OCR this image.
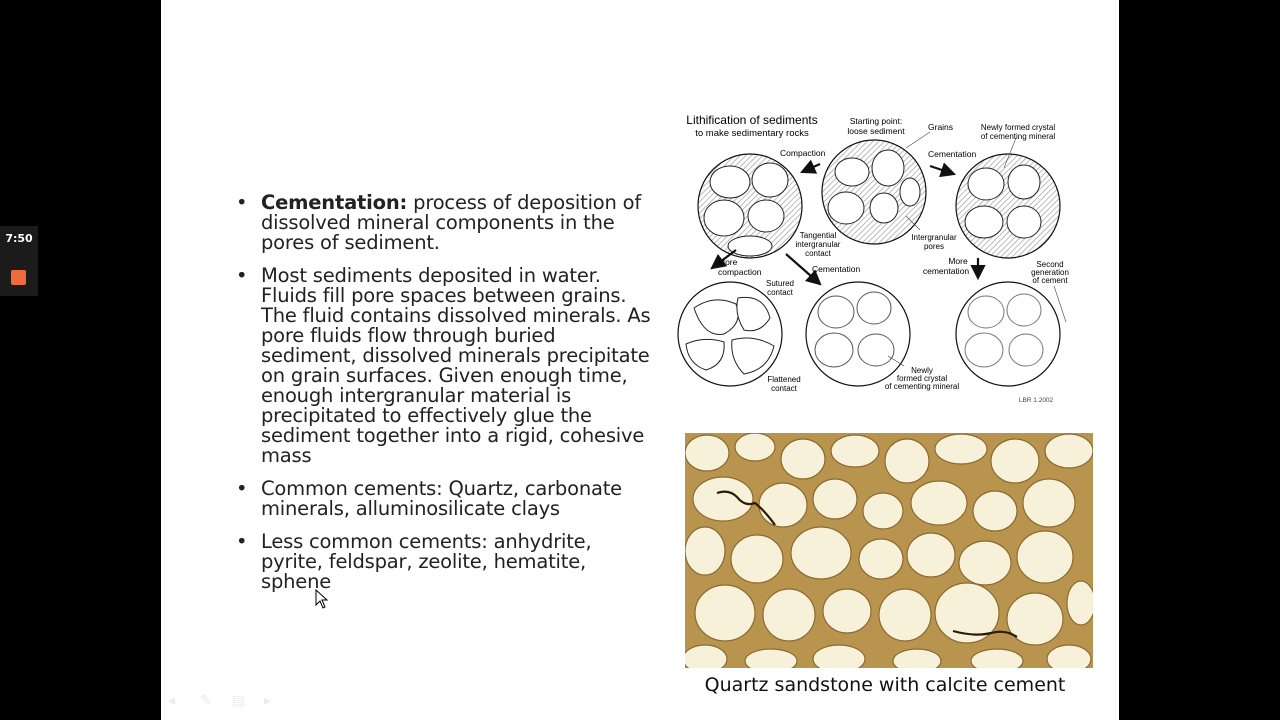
7:50
• Cementation: process of deposition of dissolved mineral components in the pores of sediment.
• Most sediments deposited in water. Fluids fill pore spaces between grains. The fluid contains dissolved minerals. As pore fluids flow through buried sediment, dissolved minerals precipitate on grain surfaces. Given enough time, enough intergranular material is precipitated to effectively glue the sediment together into a rigid, cohesive mass
• Common cements: Quartz, carbonate minerals, alluminosilicate clays
• Less common cements: anhydrite, pyrite, feldspar, zeolite, hematite, sphene
Lithification of sediments
to make sedimentary rocks
Starting point:
loose sediment	Grains	Newly formed crystal
of cementing mineral
Compaction	Cementation
Tangential
intergranular
contact
Intergranular
pores
More
compaction	Cementation
More
cementation
Sutured
contact
Second
generation
of cement
Flattened
contact
Newly
formed crystal
of cementing mineral
LBR 1.2002
Quartz sandstone with calcite cement
◂	✎	▤	▸
